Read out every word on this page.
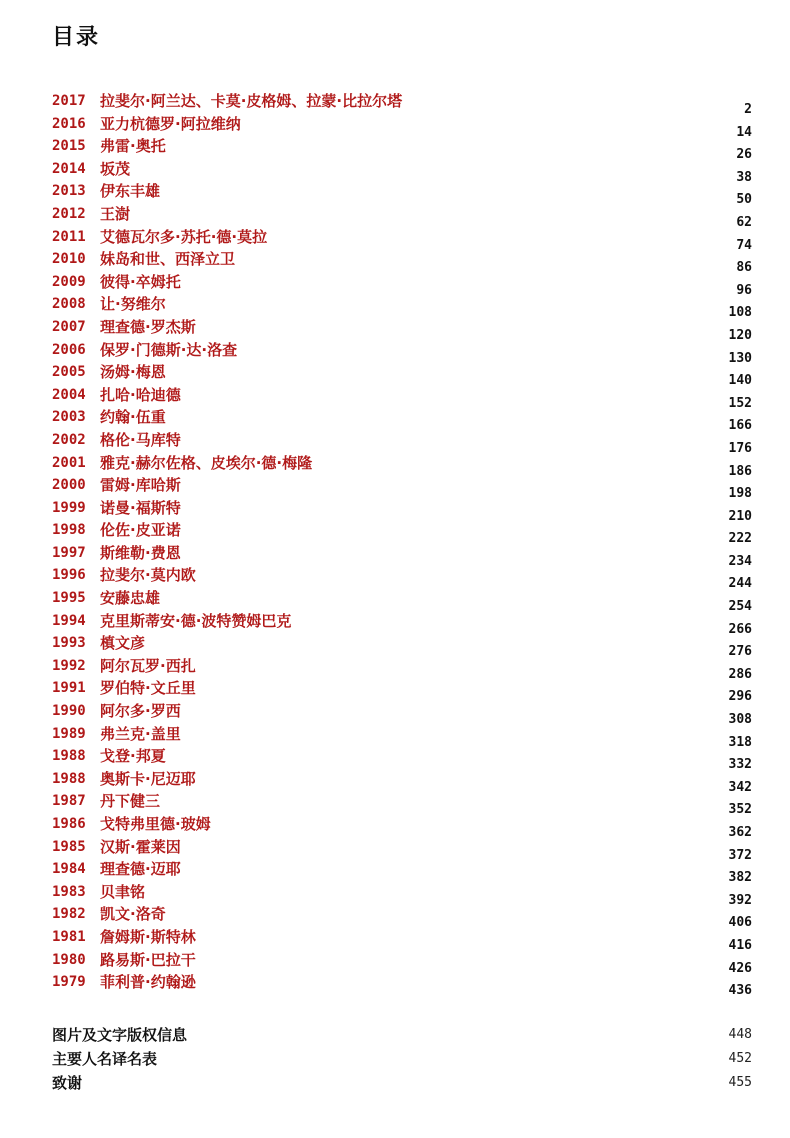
目录
2017 拉斐尔·阿兰达、卡莫·皮格姆、拉蒙·比拉尔塔	2
2016 亚力杭德罗·阿拉维纳	14
2015 弗雷·奥托	26
2014 坂茂	38
2013 伊东丰雄	50
2012 王澍	62
2011 艾德瓦尔多·苏托·德·莫拉	74
2010 妹岛和世、西泽立卫	86
2009 彼得·卒姆托	96
2008 让·努维尔	108
2007 理查德·罗杰斯	120
2006 保罗·门德斯·达·洛查	130
2005 汤姆·梅恩	140
2004 扎哈·哈迪德	152
2003 约翰·伍重	166
2002 格伦·马库特	176
2001 雅克·赫尔佐格、皮埃尔·德·梅隆	186
2000 雷姆·库哈斯	198
1999 诺曼·福斯特	210
1998 伦佐·皮亚诺	222
1997 斯维勒·费恩	234
1996 拉斐尔·莫内欧	244
1995 安藤忠雄	254
1994 克里斯蒂安·德·波特赞姆巴克	266
1993 槙文彦	276
1992 阿尔瓦罗·西扎	286
1991 罗伯特·文丘里	296
1990 阿尔多·罗西	308
1989 弗兰克·盖里	318
1988 戈登·邦夏	332
1988 奥斯卡·尼迈耶	342
1987 丹下健三	352
1986 戈特弗里德·玻姆	362
1985 汉斯·霍莱因	372
1984 理查德·迈耶	382
1983 贝聿铭	392
1982 凯文·洛奇	406
1981 詹姆斯·斯特林	416
1980 路易斯·巴拉干	426
1979 菲利普·约翰逊	436
图片及文字版权信息	448
主要人名译名表	452
致谢	455
